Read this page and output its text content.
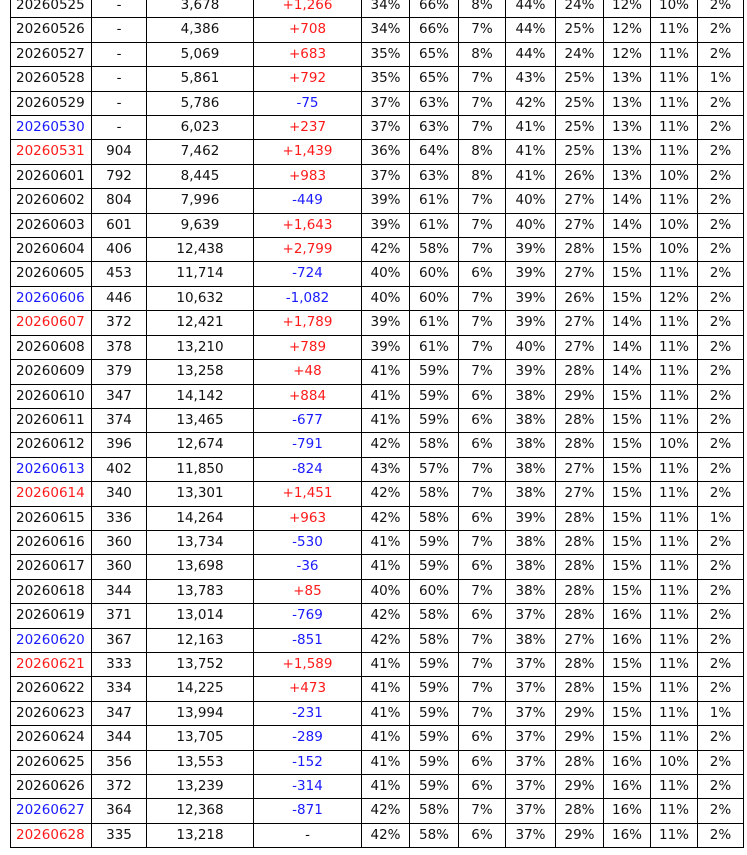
20260525	-	3,678	+1,266	34%	66%	8%	44%	24%	12%	10%	2%
20260526	-	4,386	+708	34%	66%	7%	44%	25%	12%	11%	2%
20260527	-	5,069	+683	35%	65%	8%	44%	24%	12%	11%	2%
20260528	-	5,861	+792	35%	65%	7%	43%	25%	13%	11%	1%
20260529	-	5,786	-75	37%	63%	7%	42%	25%	13%	11%	2%
20260530	-	6,023	+237	37%	63%	7%	41%	25%	13%	11%	2%
20260531	904	7,462	+1,439	36%	64%	8%	41%	25%	13%	11%	2%
20260601	792	8,445	+983	37%	63%	8%	41%	26%	13%	10%	2%
20260602	804	7,996	-449	39%	61%	7%	40%	27%	14%	11%	2%
20260603	601	9,639	+1,643	39%	61%	7%	40%	27%	14%	10%	2%
20260604	406	12,438	+2,799	42%	58%	7%	39%	28%	15%	10%	2%
20260605	453	11,714	-724	40%	60%	6%	39%	27%	15%	11%	2%
20260606	446	10,632	-1,082	40%	60%	7%	39%	26%	15%	12%	2%
20260607	372	12,421	+1,789	39%	61%	7%	39%	27%	14%	11%	2%
20260608	378	13,210	+789	39%	61%	7%	40%	27%	14%	11%	2%
20260609	379	13,258	+48	41%	59%	7%	39%	28%	14%	11%	2%
20260610	347	14,142	+884	41%	59%	6%	38%	29%	15%	11%	2%
20260611	374	13,465	-677	41%	59%	6%	38%	28%	15%	11%	2%
20260612	396	12,674	-791	42%	58%	6%	38%	28%	15%	10%	2%
20260613	402	11,850	-824	43%	57%	7%	38%	27%	15%	11%	2%
20260614	340	13,301	+1,451	42%	58%	7%	38%	27%	15%	11%	2%
20260615	336	14,264	+963	42%	58%	6%	39%	28%	15%	11%	1%
20260616	360	13,734	-530	41%	59%	7%	38%	28%	15%	11%	2%
20260617	360	13,698	-36	41%	59%	6%	38%	28%	15%	11%	2%
20260618	344	13,783	+85	40%	60%	7%	38%	28%	15%	11%	2%
20260619	371	13,014	-769	42%	58%	6%	37%	28%	16%	11%	2%
20260620	367	12,163	-851	42%	58%	7%	38%	27%	16%	11%	2%
20260621	333	13,752	+1,589	41%	59%	7%	37%	28%	15%	11%	2%
20260622	334	14,225	+473	41%	59%	7%	37%	28%	15%	11%	2%
20260623	347	13,994	-231	41%	59%	7%	37%	29%	15%	11%	1%
20260624	344	13,705	-289	41%	59%	6%	37%	29%	15%	11%	2%
20260625	356	13,553	-152	41%	59%	6%	37%	28%	16%	10%	2%
20260626	372	13,239	-314	41%	59%	6%	37%	29%	16%	11%	2%
20260627	364	12,368	-871	42%	58%	7%	37%	28%	16%	11%	2%
20260628	335	13,218	-	42%	58%	6%	37%	29%	16%	11%	2%
